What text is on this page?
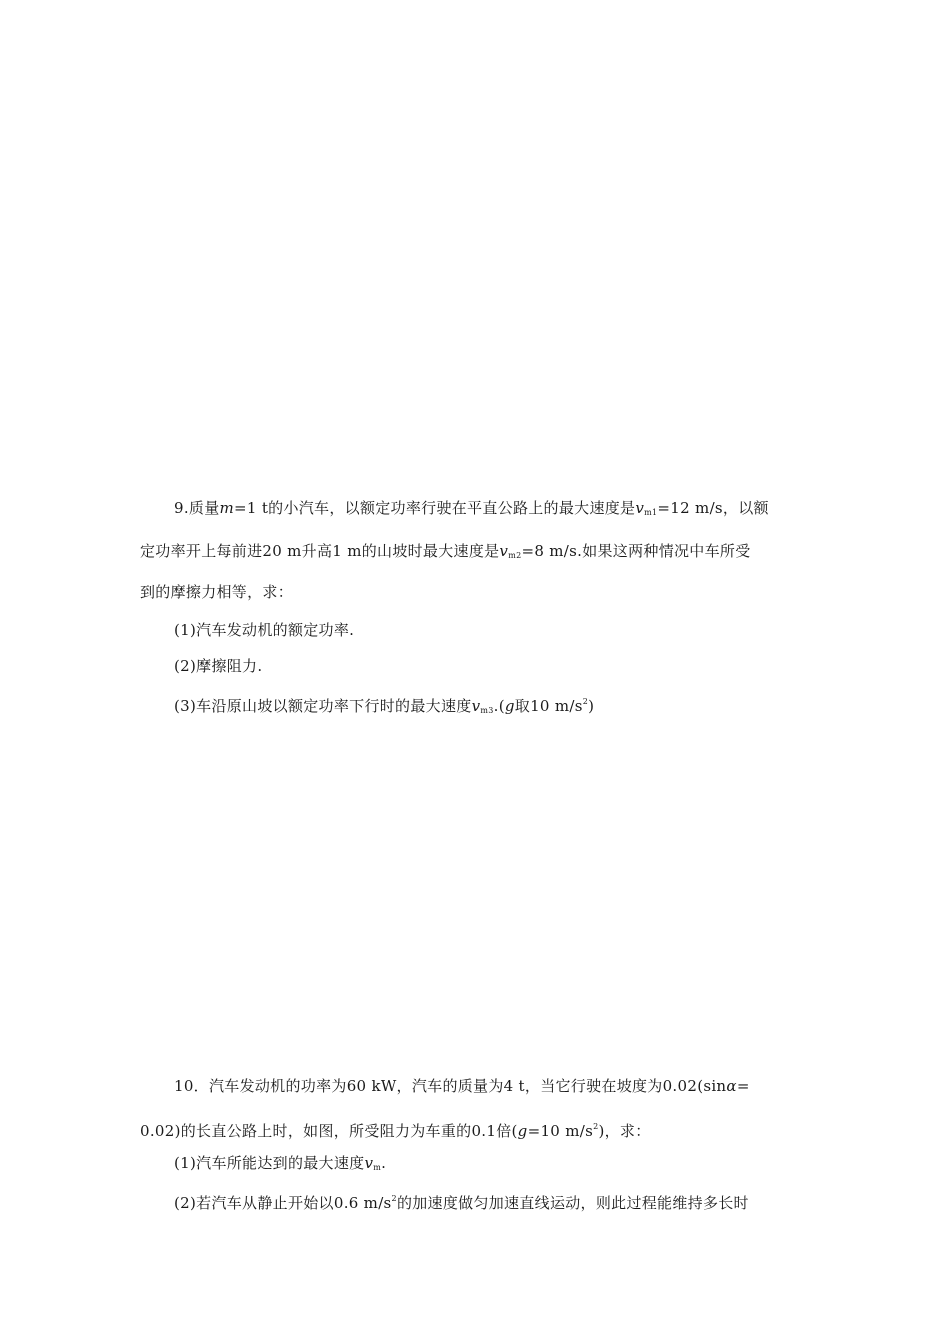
9.质量m=1 t的小汽车，以额定功率行驶在平直公路上的最大速度是$v_{m1}=12$ m/s，以额
定功率开上每前进20 m升高1 m的山坡时最大速度是$v_{m2}=8$ m/s.如果这两种情况中车所受
到的摩擦力相等，求：
(1)汽车发动机的额定功率.
(2)摩擦阻力.
(3)车沿原山坡以额定功率下行时的最大速度$v_{m3}.(g$取10 $m/s^2$)
10．汽车发动机的功率为60 kW，汽车的质量为4 t，当它行驶在坡度为0.02(sinα=
0.02)的长直公路上时，如图，所受阻力为车重的0.1倍(g=10 $m/s^2$)，求：
(1)汽车所能达到的最大速度$v_m$.
(2)若汽车从静止开始以0.6 $m/s^2$的加速度做匀加速直线运动，则此过程能维持多长时
